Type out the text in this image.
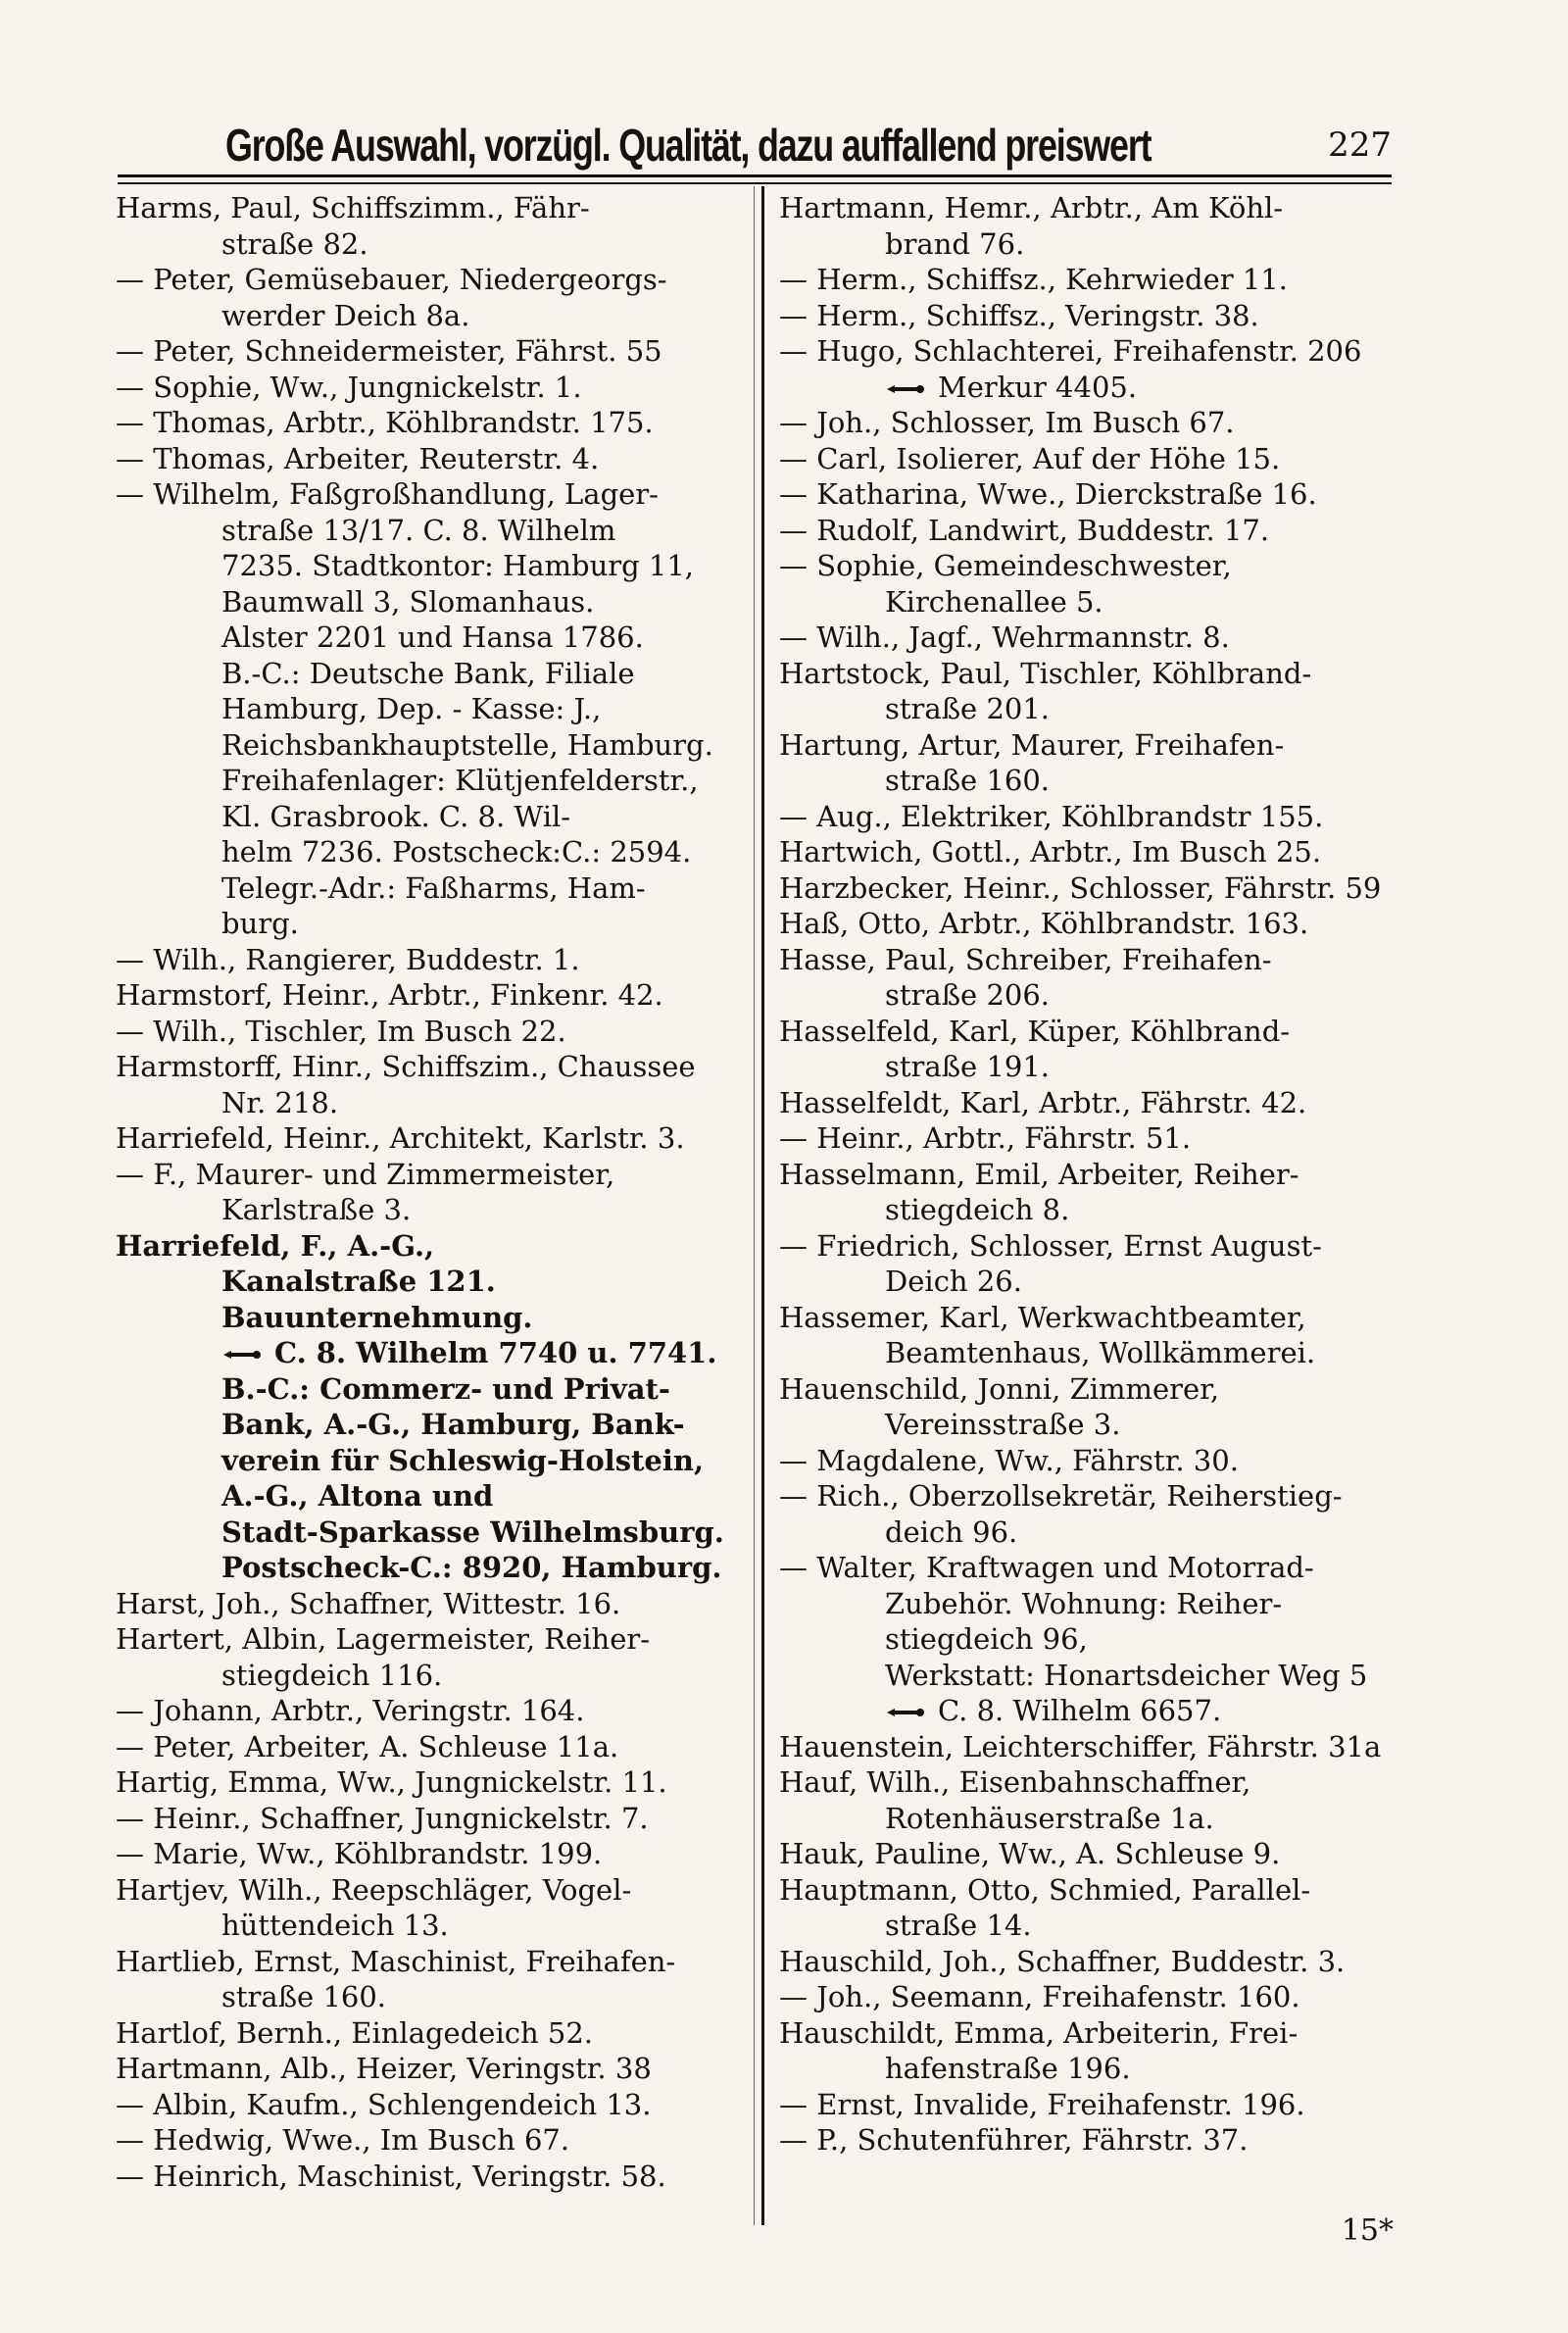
Große Auswahl, vorzügl. Qualität, dazu auffallend preiswert	227
Harms, Paul, Schiffszimm., Fähr-
straße 82.
— Peter, Gemüsebauer, Niedergeorgs-
werder Deich 8a.
— Peter, Schneidermeister, Fährst. 55
— Sophie, Ww., Jungnickelstr. 1.
— Thomas, Arbtr., Köhlbrandstr. 175.
— Thomas, Arbeiter, Reuterstr. 4.
— Wilhelm, Faßgroßhandlung, Lager-
straße 13/17. C. 8. Wilhelm
7235. Stadtkontor: Hamburg 11,
Baumwall 3, Slomanhaus.
Alster 2201 und Hansa 1786.
B.-C.: Deutsche Bank, Filiale
Hamburg, Dep. - Kasse: J.,
Reichsbankhauptstelle, Hamburg.
Freihafenlager: Klütjenfelderstr.,
Kl. Grasbrook. C. 8. Wil-
helm 7236. Postscheck:C.: 2594.
Telegr.-Adr.: Faßharms, Ham-
burg.
— Wilh., Rangierer, Buddestr. 1.
Harmstorf, Heinr., Arbtr., Finkenr. 42.
— Wilh., Tischler, Im Busch 22.
Harmstorff, Hinr., Schiffszim., Chaussee
Nr. 218.
Harriefeld, Heinr., Architekt, Karlstr. 3.
— F., Maurer- und Zimmermeister,
Karlstraße 3.
Harriefeld, F., A.-G.,
Kanalstraße 121.
Bauunternehmung.
C. 8. Wilhelm 7740 u. 7741.
B.-C.: Commerz- und Privat-
Bank, A.-G., Hamburg, Bank-
verein für Schleswig-Holstein,
A.-G., Altona und
Stadt-Sparkasse Wilhelmsburg.
Postscheck-C.: 8920, Hamburg.
Harst, Joh., Schaffner, Wittestr. 16.
Hartert, Albin, Lagermeister, Reiher-
stiegdeich 116.
— Johann, Arbtr., Veringstr. 164.
— Peter, Arbeiter, A. Schleuse 11a.
Hartig, Emma, Ww., Jungnickelstr. 11.
— Heinr., Schaffner, Jungnickelstr. 7.
— Marie, Ww., Köhlbrandstr. 199.
Hartjev, Wilh., Reepschläger, Vogel-
hüttendeich 13.
Hartlieb, Ernst, Maschinist, Freihafen-
straße 160.
Hartlof, Bernh., Einlagedeich 52.
Hartmann, Alb., Heizer, Veringstr. 38
— Albin, Kaufm., Schlengendeich 13.
— Hedwig, Wwe., Im Busch 67.
— Heinrich, Maschinist, Veringstr. 58.
Hartmann, Hemr., Arbtr., Am Köhl-
brand 76.
— Herm., Schiffsz., Kehrwieder 11.
— Herm., Schiffsz., Veringstr. 38.
— Hugo, Schlachterei, Freihafenstr. 206
Merkur 4405.
— Joh., Schlosser, Im Busch 67.
— Carl, Isolierer, Auf der Höhe 15.
— Katharina, Wwe., Dierckstraße 16.
— Rudolf, Landwirt, Buddestr. 17.
— Sophie, Gemeindeschwester,
Kirchenallee 5.
— Wilh., Jagf., Wehrmannstr. 8.
Hartstock, Paul, Tischler, Köhlbrand-
straße 201.
Hartung, Artur, Maurer, Freihafen-
straße 160.
— Aug., Elektriker, Köhlbrandstr 155.
Hartwich, Gottl., Arbtr., Im Busch 25.
Harzbecker, Heinr., Schlosser, Fährstr. 59
Haß, Otto, Arbtr., Köhlbrandstr. 163.
Hasse, Paul, Schreiber, Freihafen-
straße 206.
Hasselfeld, Karl, Küper, Köhlbrand-
straße 191.
Hasselfeldt, Karl, Arbtr., Fährstr. 42.
— Heinr., Arbtr., Fährstr. 51.
Hasselmann, Emil, Arbeiter, Reiher-
stiegdeich 8.
— Friedrich, Schlosser, Ernst August-
Deich 26.
Hassemer, Karl, Werkwachtbeamter,
Beamtenhaus, Wollkämmerei.
Hauenschild, Jonni, Zimmerer,
Vereinsstraße 3.
— Magdalene, Ww., Fährstr. 30.
— Rich., Oberzollsekretär, Reiherstieg-
deich 96.
— Walter, Kraftwagen und Motorrad-
Zubehör. Wohnung: Reiher-
stiegdeich 96,
Werkstatt: Honartsdeicher Weg 5
C. 8. Wilhelm 6657.
Hauenstein, Leichterschiffer, Fährstr. 31a
Hauf, Wilh., Eisenbahnschaffner,
Rotenhäuserstraße 1a.
Hauk, Pauline, Ww., A. Schleuse 9.
Hauptmann, Otto, Schmied, Parallel-
straße 14.
Hauschild, Joh., Schaffner, Buddestr. 3.
— Joh., Seemann, Freihafenstr. 160.
Hauschildt, Emma, Arbeiterin, Frei-
hafenstraße 196.
— Ernst, Invalide, Freihafenstr. 196.
— P., Schutenführer, Fährstr. 37.
15*
